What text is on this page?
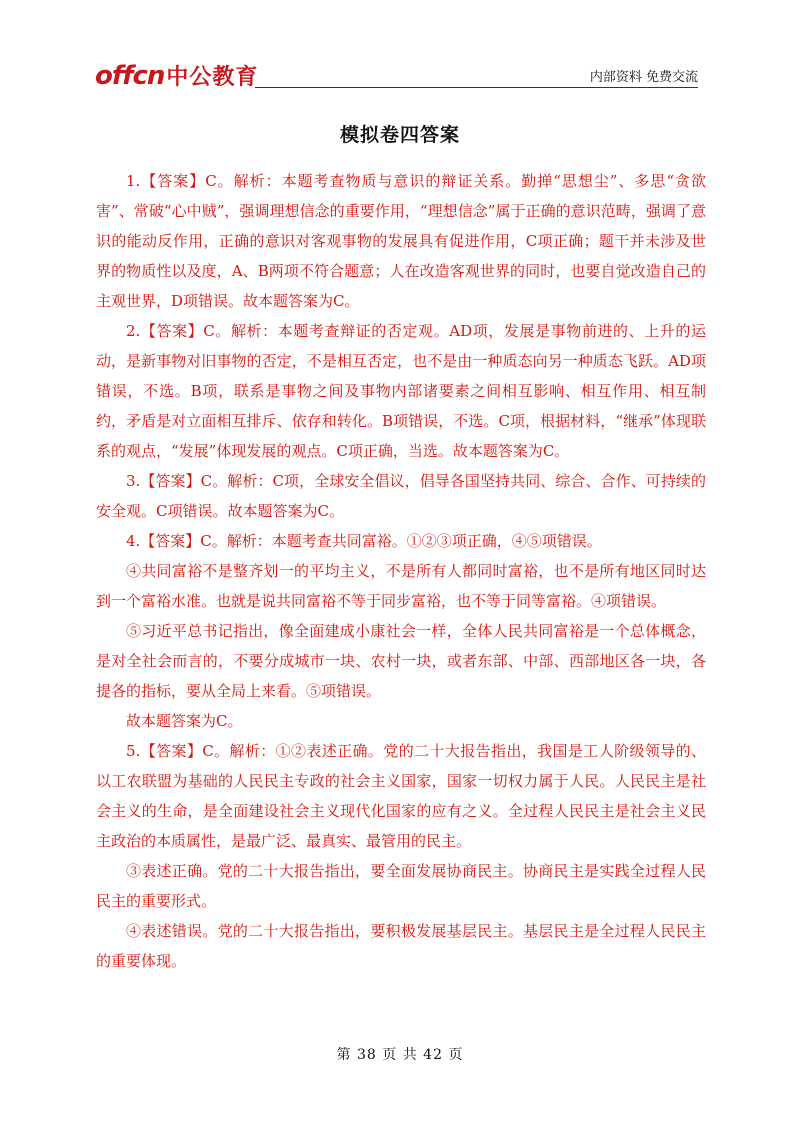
offcn 中公教育	内部资料 免费交流
模拟卷四答案

1.【答案】C。解析：本题考查物质与意识的辩证关系。勤掸“思想尘”、多思“贪欲害”、常破“心中贼”，强调理想信念的重要作用，“理想信念”属于正确的意识范畴，强调了意识的能动反作用，正确的意识对客观事物的发展具有促进作用，C项正确；题干并未涉及世界的物质性以及度，A、B两项不符合题意；人在改造客观世界的同时，也要自觉改造自己的主观世界，D项错误。故本题答案为C。

2.【答案】C。解析：本题考查辩证的否定观。AD项，发展是事物前进的、上升的运动，是新事物对旧事物的否定，不是相互否定，也不是由一种质态向另一种质态飞跃。AD项错误，不选。B项，联系是事物之间及事物内部诸要素之间相互影响、相互作用、相互制约，矛盾是对立面相互排斥、依存和转化。B项错误，不选。C项，根据材料，“继承”体现联系的观点，“发展”体现发展的观点。C项正确，当选。故本题答案为C。

3.【答案】C。解析：C项，全球安全倡议，倡导各国坚持共同、综合、合作、可持续的安全观。C项错误。故本题答案为C。

4.【答案】C。解析：本题考查共同富裕。①②③项正确，④⑤项错误。

④共同富裕不是整齐划一的平均主义，不是所有人都同时富裕，也不是所有地区同时达到一个富裕水准。也就是说共同富裕不等于同步富裕，也不等于同等富裕。④项错误。

⑤习近平总书记指出，像全面建成小康社会一样，全体人民共同富裕是一个总体概念，是对全社会而言的，不要分成城市一块、农村一块，或者东部、中部、西部地区各一块，各提各的指标，要从全局上来看。⑤项错误。

故本题答案为C。

5.【答案】C。解析：①②表述正确。党的二十大报告指出，我国是工人阶级领导的、以工农联盟为基础的人民民主专政的社会主义国家，国家一切权力属于人民。人民民主是社会主义的生命，是全面建设社会主义现代化国家的应有之义。全过程人民民主是社会主义民主政治的本质属性，是最广泛、最真实、最管用的民主。

③表述正确。党的二十大报告指出，要全面发展协商民主。协商民主是实践全过程人民民主的重要形式。

④表述错误。党的二十大报告指出，要积极发展基层民主。基层民主是全过程人民民主的重要体现。

第 38 页 共 42 页
